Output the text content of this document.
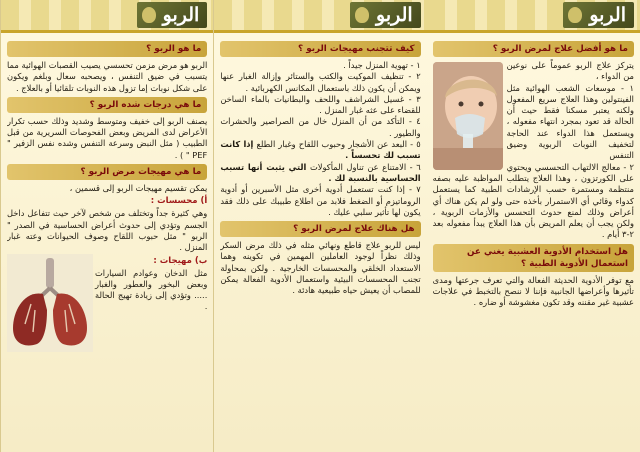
الربو
ما هو الربو ؟

الربو هو مرض مزمن تحسسي يصيب القصبات الهوائية مما يتسبب في ضيق التنفس ، ويصحبه سعال وبلغم ويكون على شكل نوبات إما تزول هذه النوبات تلقائيا أو بالعلاج .

ما هي درجات شده الربو ؟

يصنف الربو إلى خفيف ومتوسط وشديد وذلك حسب تكرار الأعراض لدى المريض وبعض الفحوصات السريرية من قبل الطبيب ( مثل النبض وسرعة التنفس وشده نفس الزفير " PEF " ) .

ما هي مهيجات مرض الربو ؟

يمكن تقسيم مهيجات الربو إلى قسمين ،

أ) محسسات :

وهي كثيرة جداً وتختلف من شخص لآخر حيث تتفاعل داخل الجسم وتؤدي إلى حدوث أعراض الحساسية في الصدر " الربو " مثل حبوب اللقاح وصوف الحيوانات وعته غبار المنزل .

ب) مهيجات :

مثل الدخان وعوادم السيارات وبعض البخور والعطور والغبار ..... وتؤدي إلى زيادة تهيج الحالة .

الربو
كيف تتجنب مهيجات الربو ؟
١ - تهوية المنزل جيداً .
٢ - تنظيف الموكيت والكتب والستائر وإزالة الغبار عنها ويمكن أن يكون ذلك باستعمال المكانس الكهربائية .
٣ - غسيل الشراشف واللحف والبطانيات بالماء الساخن للقضاء على عثه غبار المنزل .
٤ - التأكد من أن المنزل خال من الصراصير والحشرات والطيور .
٥ - البعد عن الأشجار وحبوب اللقاح وغبار الطلع إذا كانت تسبب لك تحسساً .
٦ - الامتناع عن تناول المأكولات التي يثبت أنها تسبب الحساسية بالنسبة لك .
٧ - إذا كنت تستعمل أدوية أخرى مثل الأسبرين أو أدوية الروماتيزم أو الضغط فلابد من اطلاع طبيبك على ذلك فقد يكون لها تأثير سلبي عليك .
هل هناك علاج لمرض الربو ؟

ليس للربو علاج قاطع ونهائي مثله في ذلك مرض السكر وذلك نظراً لوجود العاملين المهمين في تكوينه وهما الاستعداد الخلقي والمحسسات الخارجية . ولكن بمحاولة تجنب المحسسات البيئية واستعمال الأدوية الفعالة يمكن للمصاب أن يعيش حياه طبيعية هادئة .

الربو
ما هو أفضل علاج لمرض الربو ؟

يتركز علاج الربو عموماً على نوعين من الدواء ،

١ - موسعات الشعب الهوائية مثل الفينتولين وهذا العلاج سريع المفعول ولكنه يعتبر مسكنا فقط حيث أن الحالة قد تعود بمجرد انتهاء مفعوله ، ويستعمل هذا الدواء عند الحاجة لتخفيف النوبات الربوية وضيق التنفس

٢ - معالج الالتهاب التحسسي ويحتوي على الكورتزون ، وهذا العلاج يتطلب المواظبة عليه بصفه منتظمة ومستمرة حسب الإرشادات الطبية كما يستعمل كدواء وقائي أي الاستمرار بأخذه حتى ولو لم يكن هناك أي أعراض وذلك لمنع حدوث التحسس والأزمات الربوية ، ولكن يجب أن يعلم المريض بأن هذا العلاج يبدأ مفعوله بعد ٢-٣ أيام .

هل استخدام الأدوية العشبية يغني عن استعمال الأدوية الطبية ؟

مع توفر الأدوية الحديثة الفعالة والتي تعرف جرعتها ومدى تأثيرها وأعراضها الجانبية فإننا لا ننصح بالتخبط في علاجات عشبية غير مقننه وقد تكون مغشوشة أو ضاره .
